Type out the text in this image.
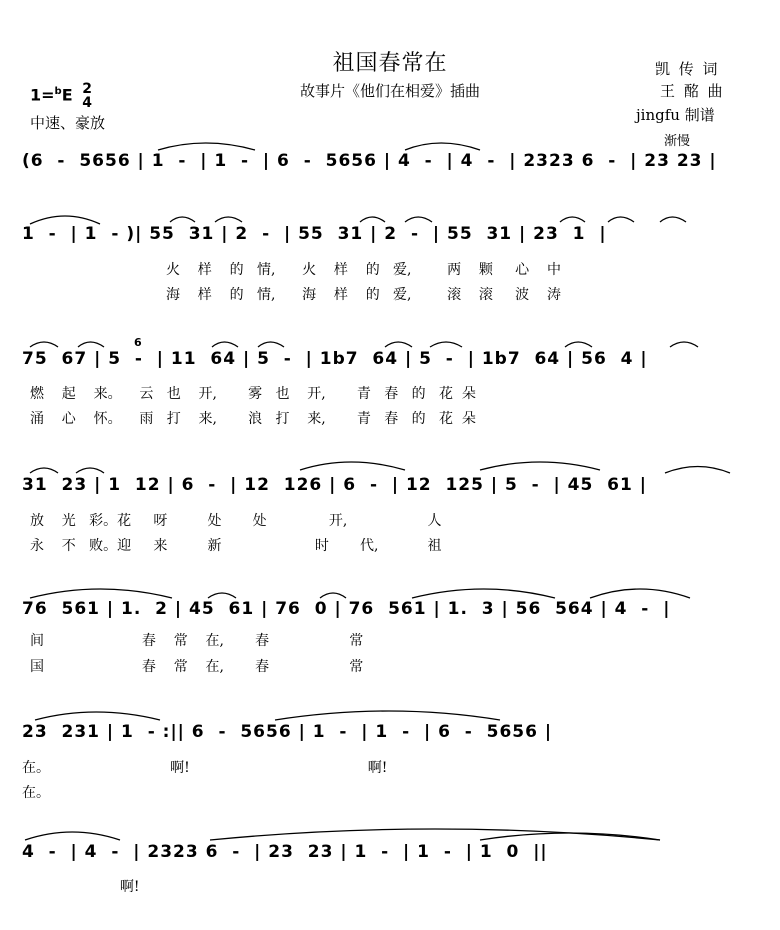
祖国春常在
故事片《他们在相爱》插曲
凯 传 词
王 酩 曲
jingfu 制谱
1=$^b$E 2
4
中速、豪放
渐慢
6
(6  -  5656 | 1  -  | 1  -  | 6  -  5656 | 4  -  | 4  -  | 2323 6  -  | 23 23 |
1  -  | 1  - )| 55  31 | 2  -  | 55  31 | 2  -  | 55  31 | 23  1  |
火    样    的   情,      火    样    的   爱,        两    颗     心    中
海    样    的   情,      海    样    的   爱,        滚    滚     波    涛
75  67 | 5  -  | 11  64 | 5  -  | 1b7  64 | 5  -  | 1b7  64 | 56  4 |
燃    起    来。    云   也    开,       雾   也    开,       青   春   的   花  朵
涌    心    怀。    雨   打    来,       浪   打    来,       青   春   的   花  朵
31  23 | 1  12 | 6  -  | 12  126 | 6  -  | 12  125 | 5  -  | 45  61 |
放    光   彩。花     呀         处       处              开,                  人
永    不   败。迎     来         新                     时       代,           祖
76  561 | 1.  2 | 45  61 | 76  0 | 76  561 | 1.  3 | 56  564 | 4  -  |
间                      春    常    在,       春                  常
国                      春    常    在,       春                  常
23  231 | 1  - :|| 6  -  5656 | 1  -  | 1  -  | 6  -  5656 |
在。                           啊!                                        啊!
在。
4  -  | 4  -  | 2323 6  -  | 23  23 | 1  -  | 1  -  | 1  0  ||
啊!
